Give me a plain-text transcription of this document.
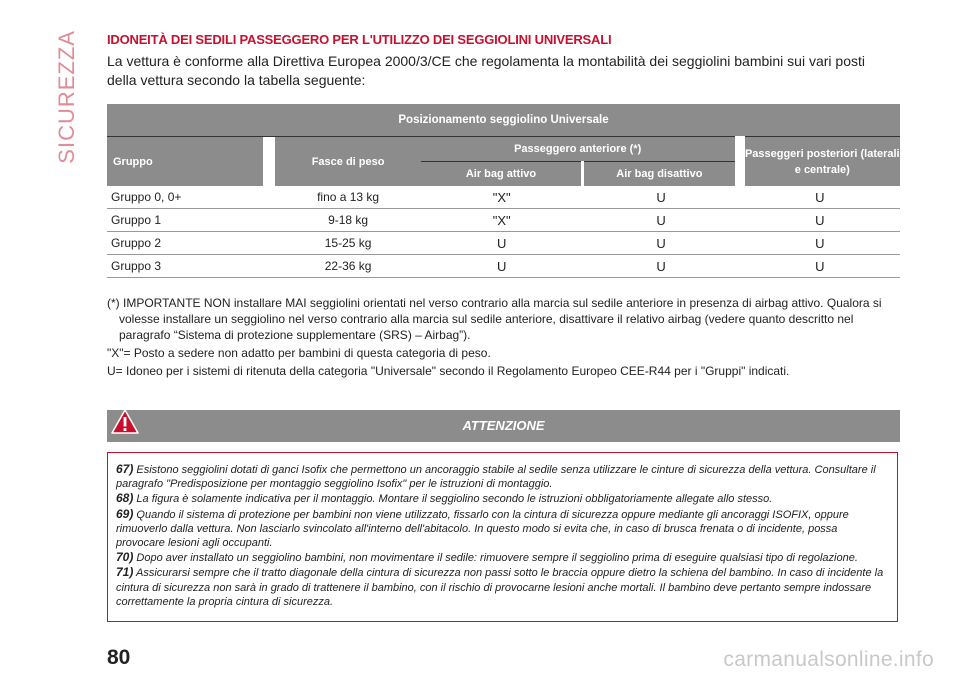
SICUREZZA IDONEITÀ DEI SEDILI PASSEGGERO PER L'UTILIZZO DEI SEGGIOLINI UNIVERSALI
La vettura è conforme alla Direttiva Europea 2000/3/CE che regolamenta la montabilità dei seggiolini bambini sui vari posti della vettura secondo la tabella seguente:
Posizionamento seggiolino Universale					
Gruppo		Fasce di peso	Passeggero anteriore (*)		Passeggeri posteriori (laterali e centrale)
			Air bag attivo	Air bag disattivo	
Gruppo 0, 0+		fino a 13 kg	"X"	U	U
Gruppo 1		9-18 kg	"X"	U	U
Gruppo 2		15-25 kg	U	U	U
Gruppo 3		22-36 kg	U	U	U

(*) IMPORTANTE NON installare MAI seggiolini orientati nel verso contrario alla marcia sul sedile anteriore in presenza di airbag attivo. Qualora si
volesse installare un seggiolino nel verso contrario alla marcia sul sedile anteriore, disattivare il relativo airbag (vedere quanto descritto nel paragrafo “Sistema di protezione supplementare (SRS) – Airbag”).

"X"= Posto a sedere non adatto per bambini di questa categoria di peso.

U= Idoneo per i sistemi di ritenuta della categoria "Universale" secondo il Regolamento Europeo CEE-R44 per i "Gruppi" indicati.

ATTENZIONE

67) Esistono seggiolini dotati di ganci Isofix che permettono un ancoraggio stabile al sedile senza utilizzare le cinture di sicurezza della vettura. Consultare il paragrafo "Predisposizione per montaggio seggiolino Isofix" per le istruzioni di montaggio.

68) La figura è solamente indicativa per il montaggio. Montare il seggiolino secondo le istruzioni obbligatoriamente allegate allo stesso.

69) Quando il sistema di protezione per bambini non viene utilizzato, fissarlo con la cintura di sicurezza oppure mediante gli ancoraggi ISOFIX, oppure rimuoverlo dalla vettura. Non lasciarlo svincolato all'interno dell'abitacolo. In questo modo si evita che, in caso di brusca frenata o di incidente, possa provocare lesioni agli occupanti.

70) Dopo aver installato un seggiolino bambini, non movimentare il sedile: rimuovere sempre il seggiolino prima di eseguire qualsiasi tipo di regolazione.

71) Assicurarsi sempre che il tratto diagonale della cintura di sicurezza non passi sotto le braccia oppure dietro la schiena del bambino. In caso di incidente la cintura di sicurezza non sarà in grado di trattenere il bambino, con il rischio di provocarne lesioni anche mortali. Il bambino deve pertanto sempre indossare correttamente la propria cintura di sicurezza.

80	carmanualsonline.info
